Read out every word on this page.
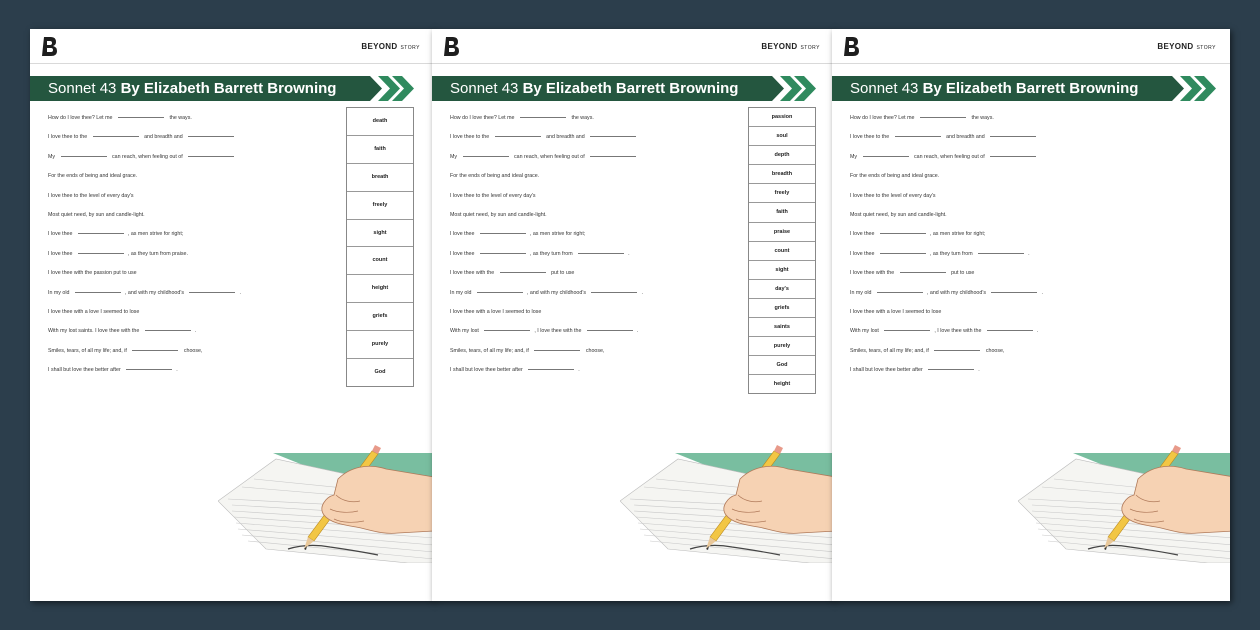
BEYOND STORY
Sonnet 43 By Elizabeth Barrett Browning
How do I love thee? Let me	the ways.
I love thee to the	and breadth and
My	can reach, when feeling out of
For the ends of being and ideal grace.
I love thee to the level of every day's
Most quiet need, by sun and candle-light.
I love thee	, as men strive for right;
I love thee	, as they turn from praise.
I love thee with the passion put to use
In my old	, and with my childhood's	.
I love thee with a love I seemed to lose
With my lost saints. I love thee with the	.
Smiles, tears, of all my life; and, if	choose,
I shall but love thee better after	.
death
faith
breath
freely
sight
count
height
griefs
purely
God
BEYOND STORY
Sonnet 43 By Elizabeth Barrett Browning
How do I love thee? Let me	the ways.
I love thee to the	and breadth and
My	can reach, when feeling out of
For the ends of being and ideal grace.
I love thee to the level of every day's
Most quiet need, by sun and candle-light.
I love thee	, as men strive for right;
I love thee	, as they turn from	.
I love thee with the	put to use
In my old	, and with my childhood's	.
I love thee with a love I seemed to lose
With my lost	, I love thee with the	.
Smiles, tears, of all my life; and, if	choose,
I shall but love thee better after	.
passion
soul
depth
breadth
freely
faith
praise
count
sight
day's
griefs
saints
purely
God
height
BEYOND STORY
Sonnet 43 By Elizabeth Barrett Browning
How do I love thee? Let me	the ways.
I love thee to the	and breadth and
My	can reach, when feeling out of
For the ends of being and ideal grace.
I love thee to the level of every day's
Most quiet need, by sun and candle-light.
I love thee	, as men strive for right;
I love thee	, as they turn from	.
I love thee with the	put to use
In my old	, and with my childhood's	.
I love thee with a love I seemed to lose
With my lost	, I love thee with the	.
Smiles, tears, of all my life; and, if	choose,
I shall but love thee better after	.
